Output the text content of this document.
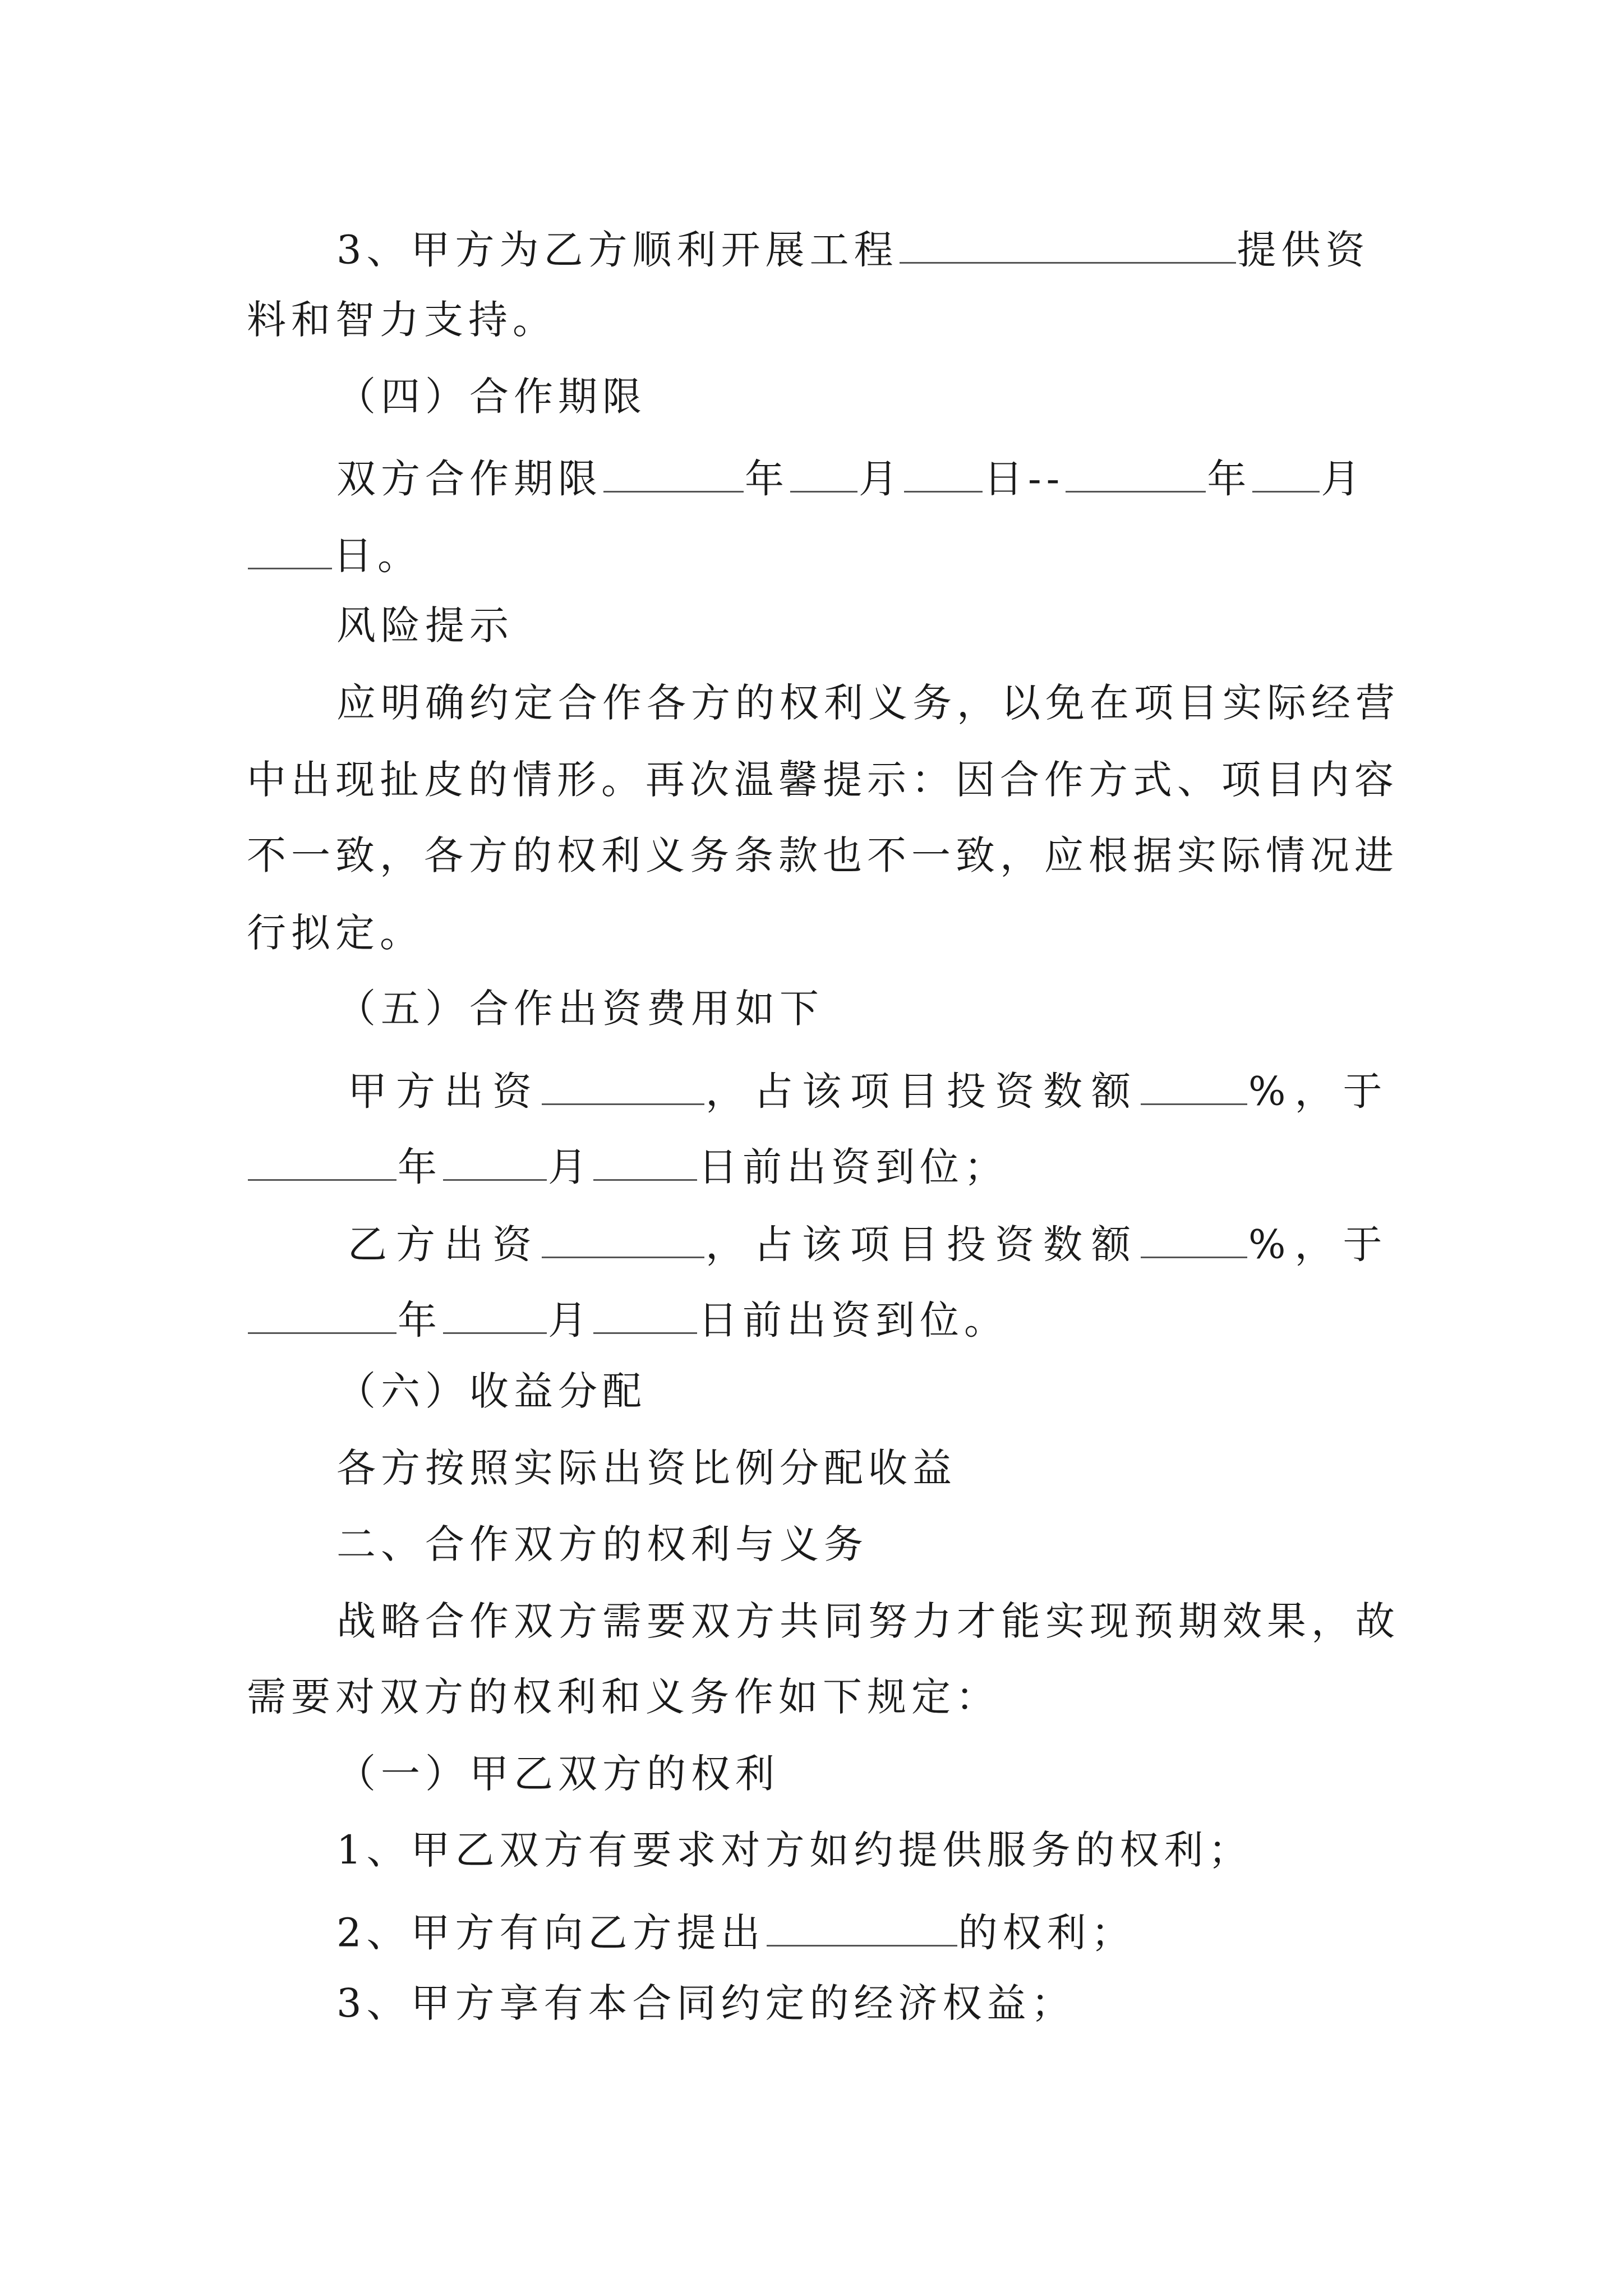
3、甲方为乙方顺利开展工程	提供资
料和智力支持。
（四）合作期限
双方合作期限	年 月 日--	年 月
日。
风险提示
应明确约定合作各方的权利义务，以免在项目实际经营
中出现扯皮的情形。再次温馨提示：因合作方式、项目内容
不一致，各方的权利义务条款也不一致，应根据实际情况进
行拟定。
（五）合作出资费用如下
甲方出资	，占该项目投资数额	%，于
年	月	日前出资到位；
乙方出资	，占该项目投资数额	%，于
年	月	日前出资到位。
（六）收益分配
各方按照实际出资比例分配收益
二、合作双方的权利与义务
战略合作双方需要双方共同努力才能实现预期效果，故
需要对双方的权利和义务作如下规定：
（一）甲乙双方的权利
1、甲乙双方有要求对方如约提供服务的权利；
2、甲方有向乙方提出	的权利；
3、甲方享有本合同约定的经济权益；
